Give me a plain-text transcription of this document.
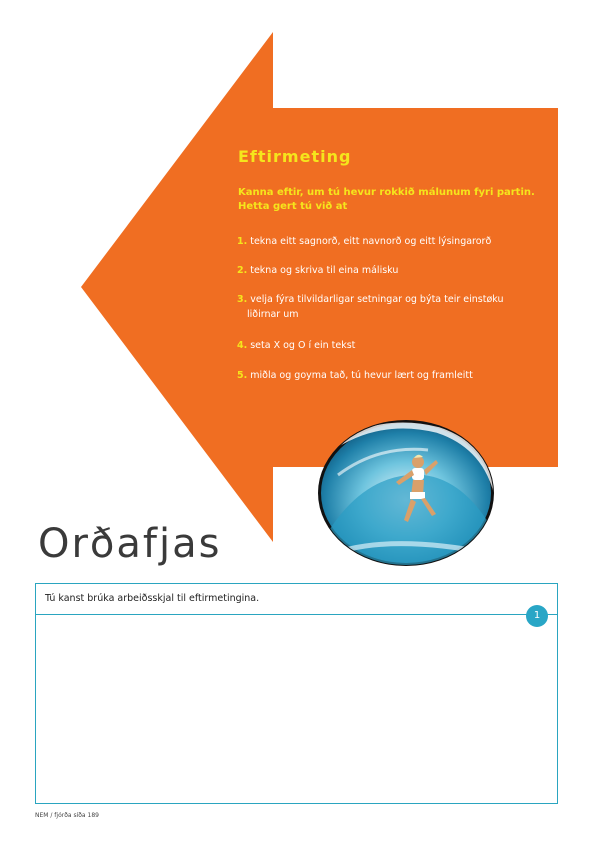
Eftirmeting
Kanna eftir, um tú hevur rokkið málunum fyri partin. Hetta gert tú við at
1. tekna eitt sagnorð, eitt navnorð og eitt lýsingarorð
2. tekna og skriva til eina málisku
3. velja fýra tilvildarligar setningar og býta teir einstøku
liðirnar um
4. seta X og O í ein tekst
5. miðla og goyma tað, tú hevur lært og framleitt
Orðafjas
Tú kanst brúka arbeiðsskjal til eftirmetingina.
1
NEM / fjórða síða 189
